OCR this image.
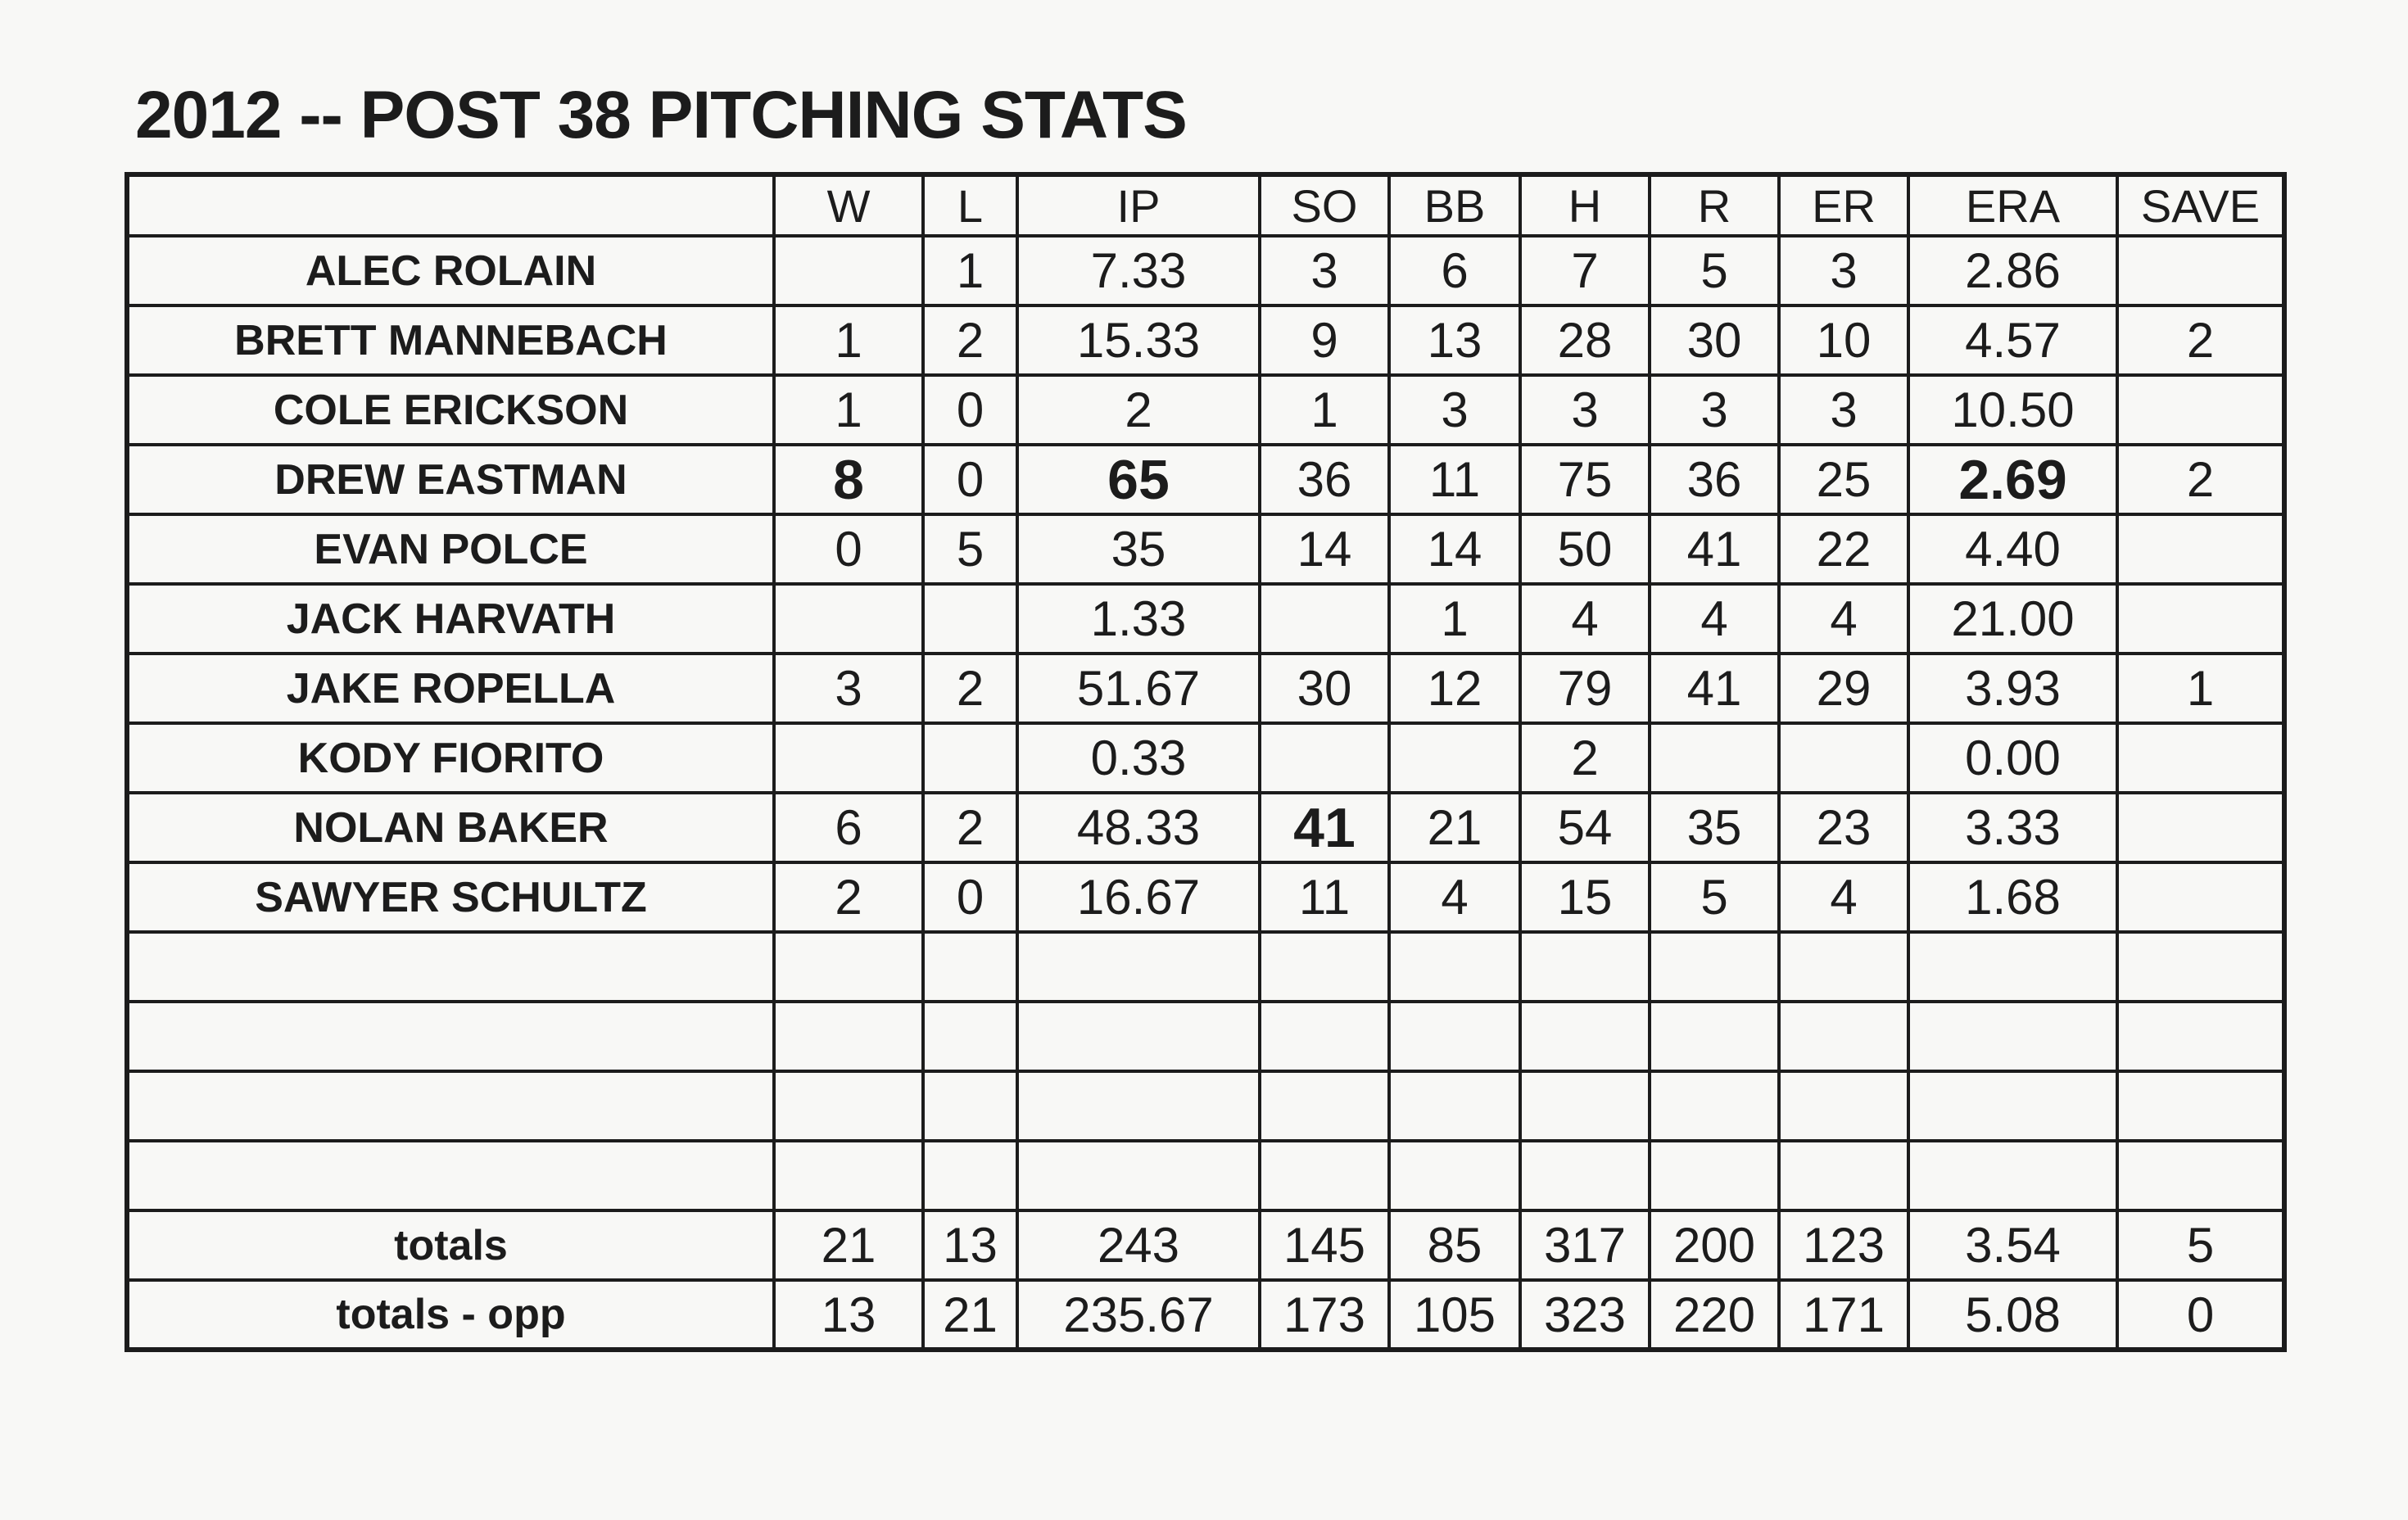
2012 -- POST 38 PITCHING STATS
	W	L	IP	SO	BB	H	R	ER	ERA	SAVE
ALEC ROLAIN		1	7.33	3	6	7	5	3	2.86	
BRETT MANNEBACH	1	2	15.33	9	13	28	30	10	4.57	2
COLE ERICKSON	1	0	2	1	3	3	3	3	10.50	
DREW EASTMAN	8	0	65	36	11	75	36	25	2.69	2
EVAN POLCE	0	5	35	14	14	50	41	22	4.40	
JACK HARVATH			1.33		1	4	4	4	21.00	
JAKE ROPELLA	3	2	51.67	30	12	79	41	29	3.93	1
KODY FIORITO			0.33			2			0.00	
NOLAN BAKER	6	2	48.33	41	21	54	35	23	3.33	
SAWYER SCHULTZ	2	0	16.67	11	4	15	5	4	1.68	

totals	21	13	243	145	85	317	200	123	3.54	5
totals - opp	13	21	235.67	173	105	323	220	171	5.08	0
